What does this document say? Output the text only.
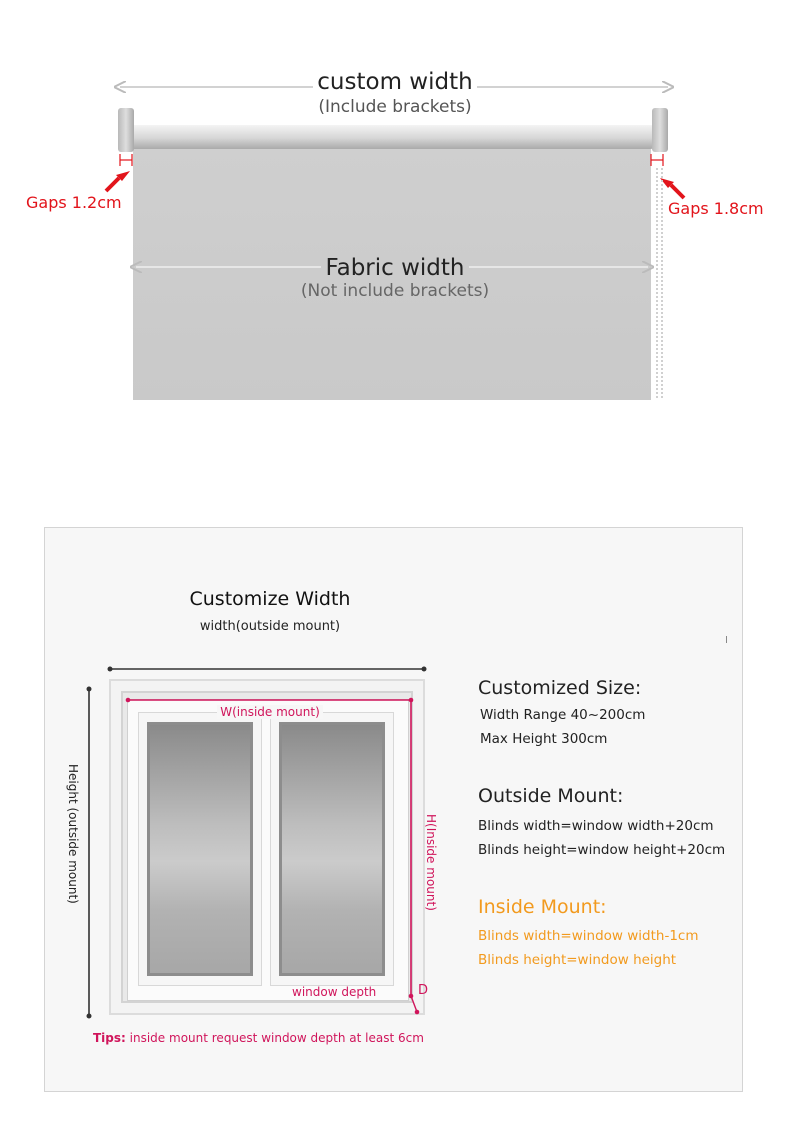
custom width
(Include brackets)
Fabric width
(Not include brackets)
Gaps 1.2cm	Gaps 1.8cm
Customize Width
width(outside mount)
W(inside mount)
Height (outside mount)	H(Inside mount)
window depth	D
Tips: inside mount request window depth at least 6cm
Customized Size:
Width Range 40~200cm
Max Height 300cm
Outside Mount:
Blinds width=window width+20cm
Blinds height=window height+20cm
Inside Mount:
Blinds width=window width-1cm
Blinds height=window height
